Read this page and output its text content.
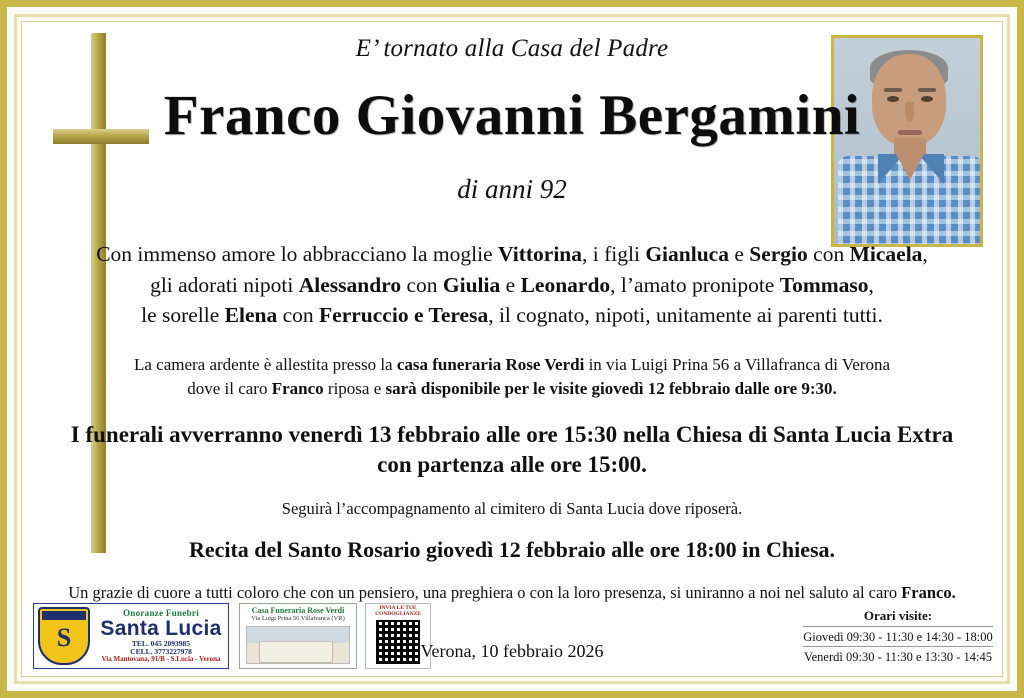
E’ tornato alla Casa del Padre
Franco Giovanni Bergamini
di anni 92
Con immenso amore lo abbracciano la moglie Vittorina, i figli Gianluca e Sergio con Micaela,
gli adorati nipoti Alessandro con Giulia e Leonardo, l’amato pronipote Tommaso,
le sorelle Elena con Ferruccio e Teresa, il cognato, nipoti, unitamente ai parenti tutti.
La camera ardente è allestita presso la casa funeraria Rose Verdi in via Luigi Prina 56 a Villafranca di Verona
dove il caro Franco riposa e sarà disponibile per le visite giovedì 12 febbraio dalle ore 9:30.
I funerali avverranno venerdì 13 febbraio alle ore 15:30 nella Chiesa di Santa Lucia Extra
con partenza alle ore 15:00.
Seguirà l’accompagnamento al cimitero di Santa Lucia dove riposerà.
Recita del Santo Rosario giovedì 12 febbraio alle ore 18:00 in Chiesa.
Un grazie di cuore a tutti coloro che con un pensiero, una preghiera o con la loro presenza, si uniranno a noi nel saluto al caro Franco.
S
Onoranze Funebri
Santa Lucia
TEL. 045 2093985
CELL. 3773227978
Via Mantovana, 91/B - S.Lucia - Verona
Casa Funeraria Rose Verdi
Via Luigi Prina 56 Villafranca (VR)
INVIA LE TUE CONDOGLIANZE
Verona, 10 febbraio 2026
Orari visite:
Giovedì 09:30 - 11:30 e 14:30 - 18:00
Venerdì 09:30 - 11:30 e 13:30 - 14:45
